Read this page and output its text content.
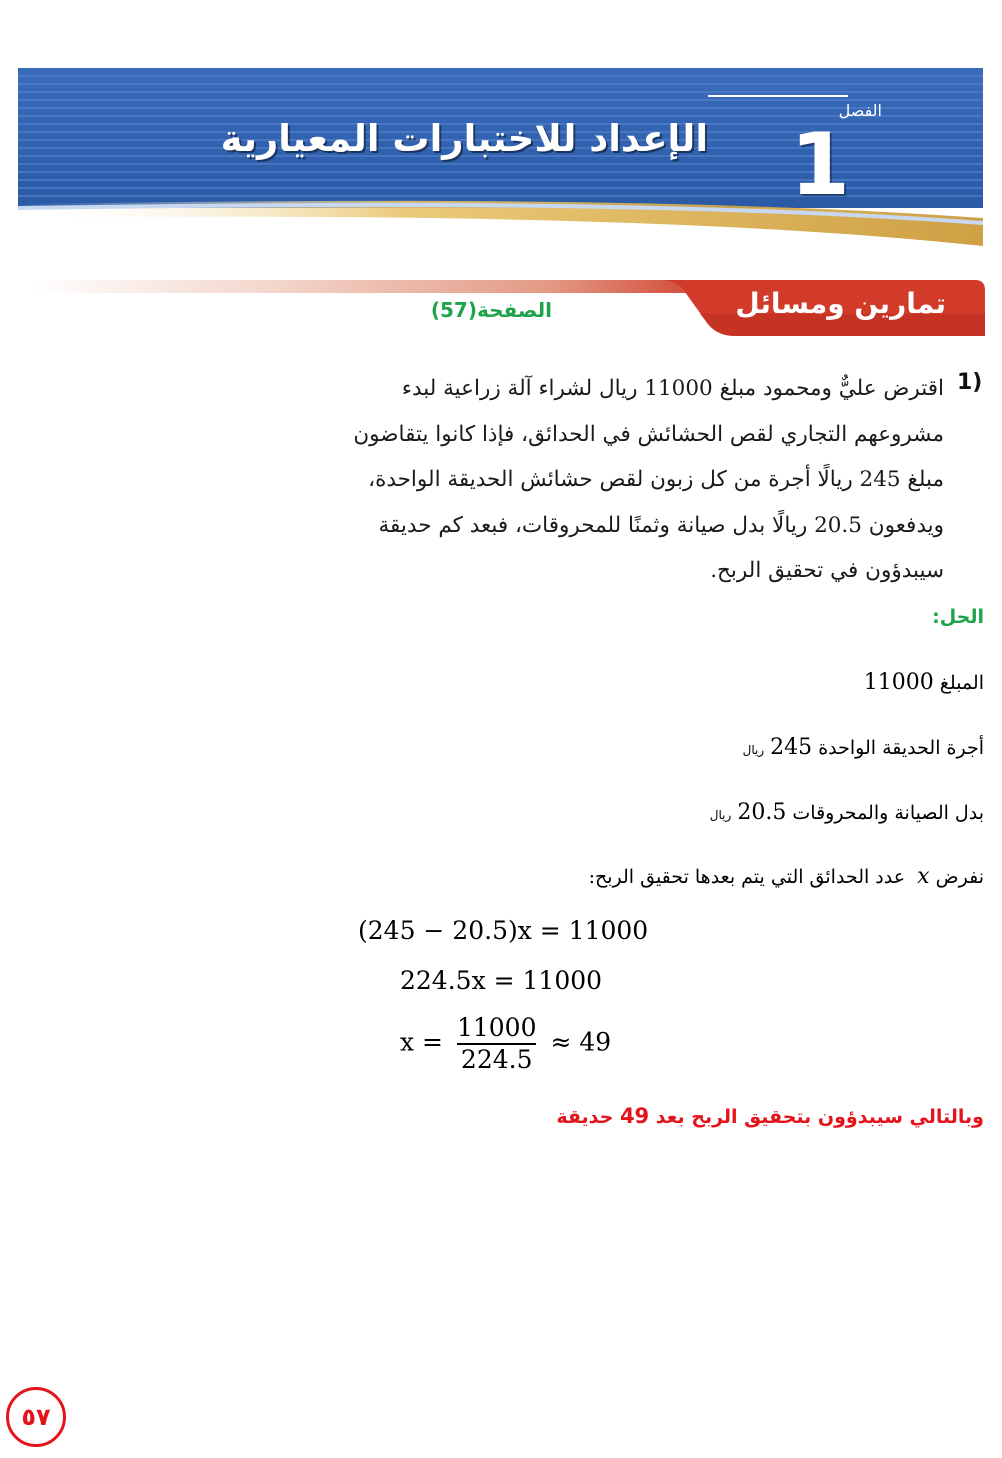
الفصل
1
الإعداد للاختبارات المعيارية
تمارين ومسائل
الصفحة(57)
1)
اقترض عليٌّ ومحمود مبلغ 11000 ريال لشراء آلة زراعية لبدء مشروعهم التجاري لقص الحشائش في الحدائق، فإذا كانوا يتقاضون مبلغ 245 ريالًا أجرة من كل زبون لقص حشائش الحديقة الواحدة، ويدفعون 20.5 ريالًا بدل صيانة وثمنًا للمحروقات، فبعد كم حديقة سيبدؤون في تحقيق الربح.
الحل:
المبلغ 11000
أجرة الحديقة الواحدة 245 ريال
بدل الصيانة والمحروقات 20.5 ريال
نفرض x  عدد الحدائق التي يتم بعدها تحقيق الربح:
(245 − 20.5)x = 11000
224.5x = 11000
$x = \frac{11000}{224.5} \approx 49$
وبالتالي سيبدؤون بتحقيق الربح بعد 49 حديقة
٥٧
